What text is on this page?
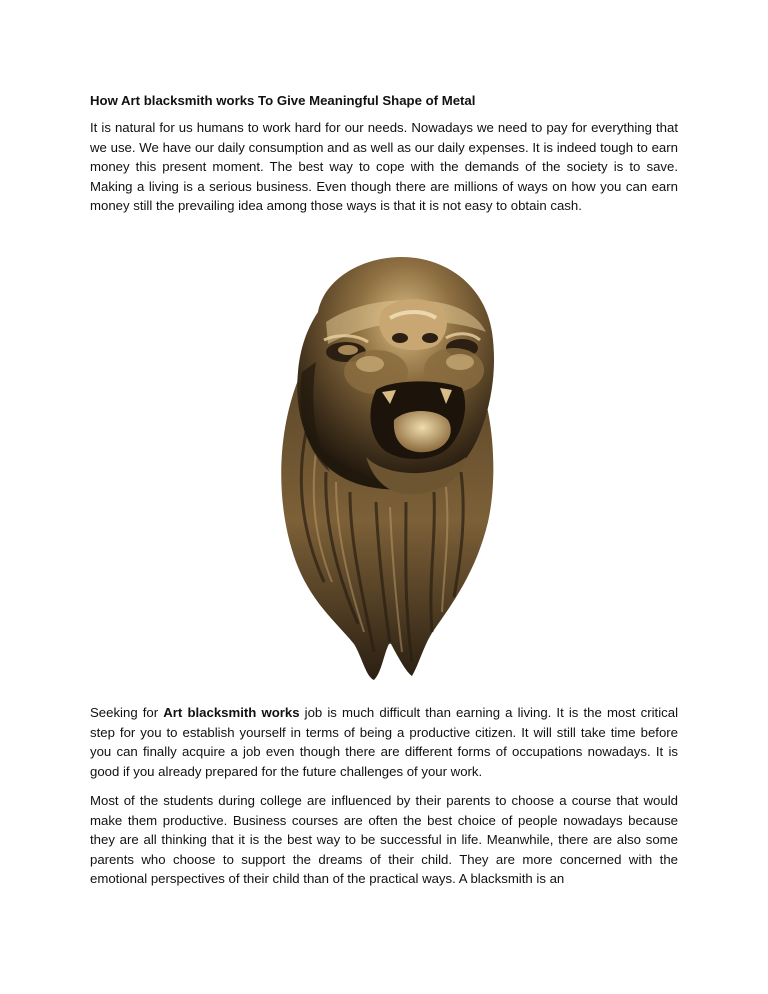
How Art blacksmith works To Give Meaningful Shape of Metal

It is natural for us humans to work hard for our needs. Nowadays we need to pay for everything that we use. We have our daily consumption and as well as our daily expenses. It is indeed tough to earn money this present moment. The best way to cope with the demands of the society is to save. Making a living is a serious business. Even though there are millions of ways on how you can earn money still the prevailing idea among those ways is that it is not easy to obtain cash.

Seeking for Art blacksmith works job is much difficult than earning a living. It is the most critical step for you to establish yourself in terms of being a productive citizen. It will still take time before you can finally acquire a job even though there are different forms of occupations nowadays. It is good if you already prepared for the future challenges of your work.

Most of the students during college are influenced by their parents to choose a course that would make them productive. Business courses are often the best choice of people nowadays because they are all thinking that it is the best way to be successful in life. Meanwhile, there are also some parents who choose to support the dreams of their child. They are more concerned with the emotional perspectives of their child than of the practical ways. A blacksmith is an
